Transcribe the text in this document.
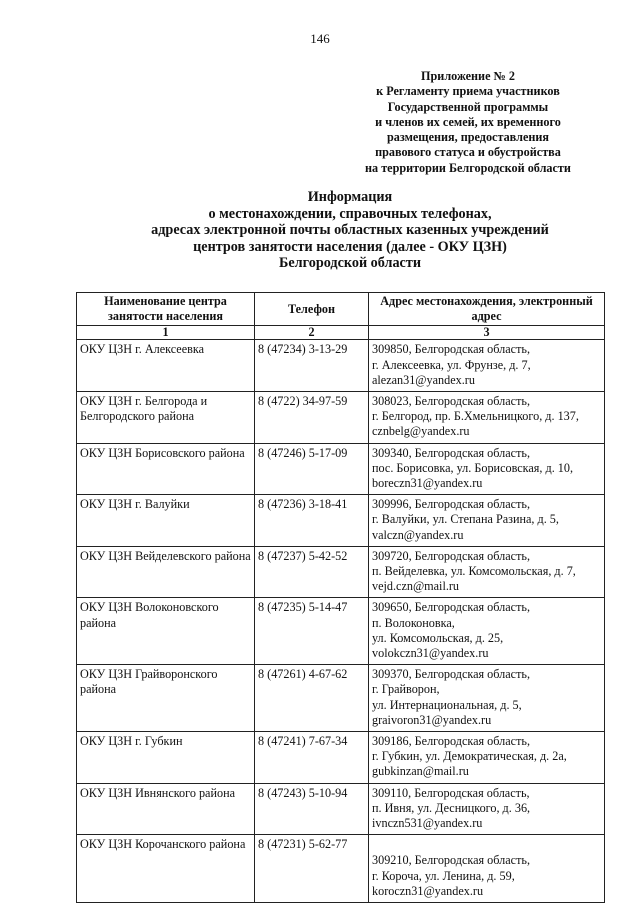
146
Приложение № 2
к Регламенту приема участников
Государственной программы
и членов их семей, их временного
размещения, предоставления
правового статуса и обустройства
на территории Белгородской области
Информация
о местонахождении, справочных телефонах,
адресах электронной почты областных казенных учреждений
центров занятости населения (далее - ОКУ ЦЗН)
Белгородской области
Наименование центра занятости населения	Телефон	Адрес местонахождения, электронный адрес
1	2	3
ОКУ ЦЗН г. Алексеевка	8 (47234) 3-13-29	309850, Белгородская область,
г. Алексеевка, ул. Фрунзе, д. 7,
alezan31@yandex.ru

ОКУ ЦЗН г. Белгорода и Белгородского района	8 (4722) 34-97-59	308023, Белгородская область,
г. Белгород, пр. Б.Хмельницкого, д. 137,
cznbelg@yandex.ru

ОКУ ЦЗН Борисовского района	8 (47246) 5-17-09	309340, Белгородская область,
пос. Борисовка, ул. Борисовская, д. 10,
boreczn31@yandex.ru

ОКУ ЦЗН г. Валуйки	8 (47236) 3-18-41	309996, Белгородская область,
г. Валуйки, ул. Степана Разина, д. 5,
valczn@yandex.ru

ОКУ ЦЗН Вейделевского района	8 (47237) 5-42-52	309720, Белгородская область,
п. Вейделевка, ул. Комсомольская, д. 7,
vejd.czn@mail.ru

ОКУ ЦЗН Волоконовского района	8 (47235) 5-14-47	309650, Белгородская область,
п. Волоконовка,
ул. Комсомольская, д. 25,
volokczn31@yandex.ru

ОКУ ЦЗН Грайворонского района	8 (47261) 4-67-62	309370, Белгородская область,
г. Грайворон,
ул. Интернациональная, д. 5,
graivoron31@yandex.ru

ОКУ ЦЗН г. Губкин	8 (47241) 7-67-34	309186, Белгородская область,
г. Губкин, ул. Демократическая, д. 2а,
gubkinzan@mail.ru

ОКУ ЦЗН Ивнянского района	8 (47243) 5-10-94	309110, Белгородская область,
п. Ивня, ул. Десницкого, д. 36,
ivnczn531@yandex.ru

ОКУ ЦЗН Корочанского района	8 (47231) 5-62-77	309210, Белгородская область,
г. Короча, ул. Ленина, д. 59,
koroczn31@yandex.ru
